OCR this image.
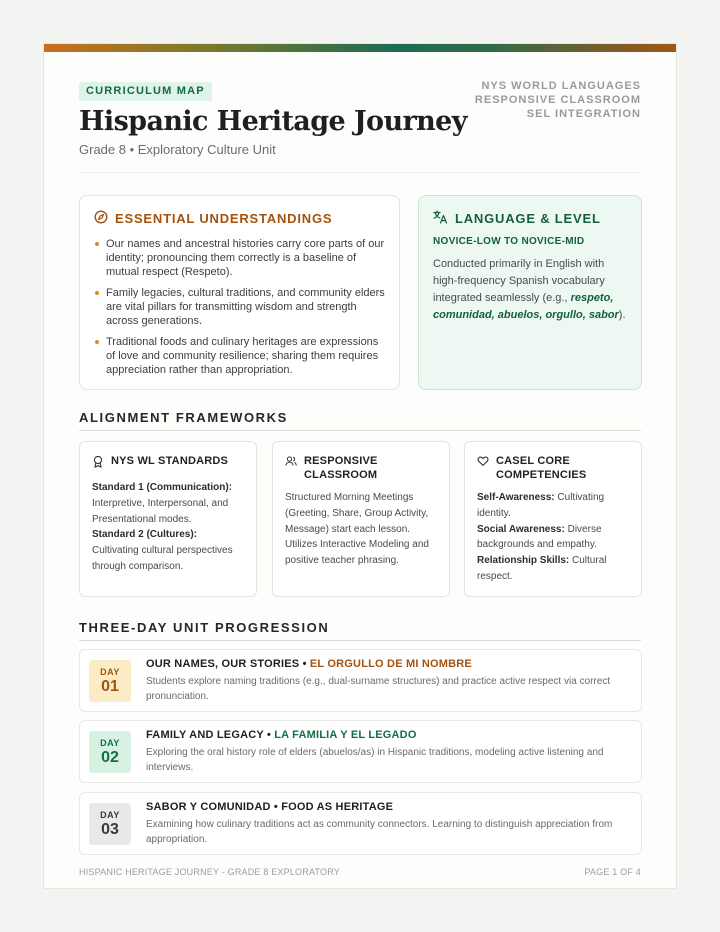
CURRICULUM MAP
Hispanic Heritage Journey
Grade 8 • Exploratory Culture Unit
NYS WORLD LANGUAGES
RESPONSIVE CLASSROOM
SEL INTEGRATION
ESSENTIAL UNDERSTANDINGS
Our names and ancestral histories carry core parts of our identity; pronouncing them correctly is a baseline of mutual respect (Respeto).
Family legacies, cultural traditions, and community elders are vital pillars for transmitting wisdom and strength across generations.
Traditional foods and culinary heritages are expressions of love and community resilience; sharing them requires appreciation rather than appropriation.
LANGUAGE & LEVEL
NOVICE-LOW TO NOVICE-MID
Conducted primarily in English with high-frequency Spanish vocabulary integrated seamlessly (e.g., respeto, comunidad, abuelos, orgullo, sabor).
ALIGNMENT FRAMEWORKS
NYS WL STANDARDS
Standard 1 (Communication): Interpretive, Interpersonal, and Presentational modes.
Standard 2 (Cultures): Cultivating cultural perspectives through comparison.
RESPONSIVE CLASSROOM
Structured Morning Meetings (Greeting, Share, Group Activity, Message) start each lesson. Utilizes Interactive Modeling and positive teacher phrasing.
CASEL CORE COMPETENCIES
Self-Awareness: Cultivating identity.
Social Awareness: Diverse backgrounds and empathy.
Relationship Skills: Cultural respect.
THREE-DAY UNIT PROGRESSION
DAY
01
OUR NAMES, OUR STORIES • EL ORGULLO DE MI NOMBRE
Students explore naming traditions (e.g., dual-surname structures) and practice active respect via correct pronunciation.
DAY
02
FAMILY AND LEGACY • LA FAMILIA Y EL LEGADO
Exploring the oral history role of elders (abuelos/as) in Hispanic traditions, modeling active listening and interviews.
DAY
03
SABOR Y COMUNIDAD • FOOD AS HERITAGE
Examining how culinary traditions act as community connectors. Learning to distinguish appreciation from appropriation.
HISPANIC HERITAGE JOURNEY - GRADE 8 EXPLORATORY	PAGE 1 OF 4
